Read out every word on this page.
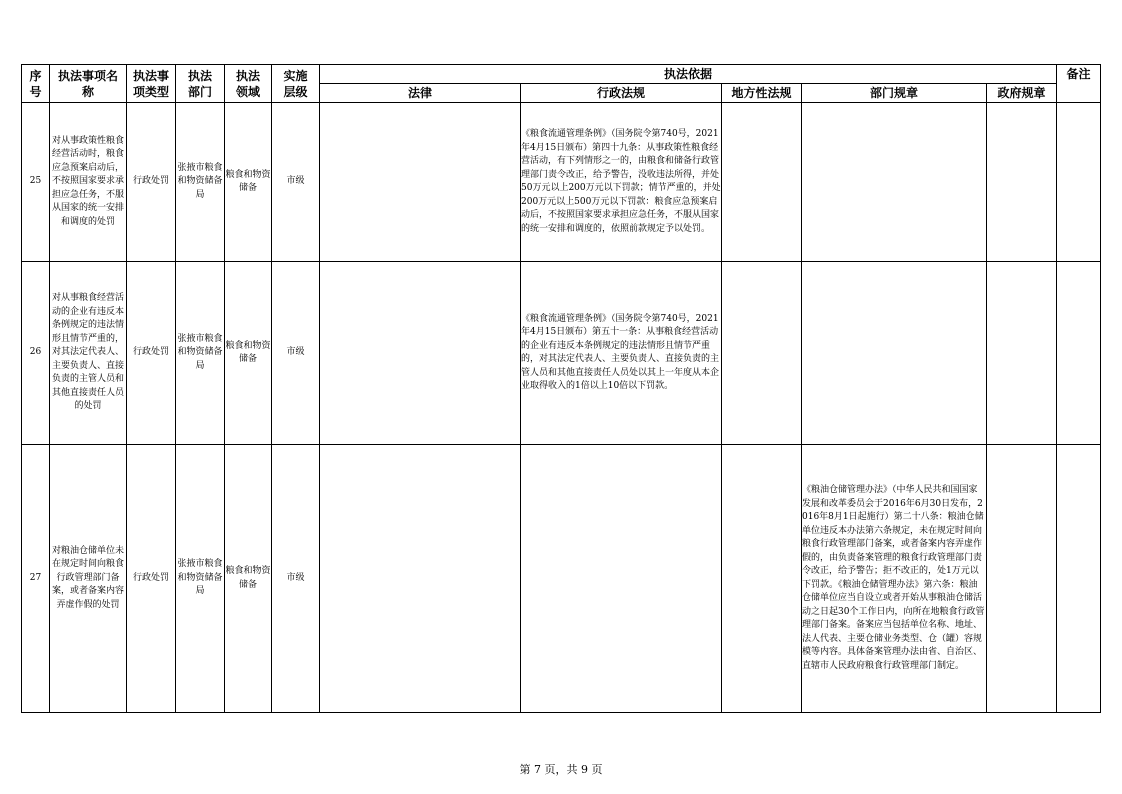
序号	执法事项名称	执法事项类型	执法部门	执法领域	实施层级	执法依据					备注
						法律	行政法规	地方性法规	部门规章	政府规章	
25	对从事政策性粮食经营活动时，粮食应急预案启动后，不按照国家要求承担应急任务，不服从国家的统一安排和调度的处罚	行政处罚	张掖市粮食和物资储备局	粮食和物资储备	市级		《粮食流通管理条例》（国务院令第740号，2021年4月15日颁布）第四十九条：从事政策性粮食经营活动，有下列情形之一的，由粮食和储备行政管理部门责令改正，给予警告，没收违法所得，并处50万元以上200万元以下罚款；情节严重的，并处200万元以上500万元以下罚款：粮食应急预案启动后，不按照国家要求承担应急任务，不服从国家的统一安排和调度的，依照前款规定予以处罚。				
26	对从事粮食经营活动的企业有违反本条例规定的违法情形且情节严重的，对其法定代表人、主要负责人、直接负责的主管人员和其他直接责任人员的处罚	行政处罚	张掖市粮食和物资储备局	粮食和物资储备	市级		《粮食流通管理条例》（国务院令第740号，2021年4月15日颁布）第五十一条：从事粮食经营活动的企业有违反本条例规定的违法情形且情节严重的，对其法定代表人、主要负责人、直接负责的主管人员和其他直接责任人员处以其上一年度从本企业取得收入的1倍以上10倍以下罚款。				
27	对粮油仓储单位未在规定时间向粮食行政管理部门备案，或者备案内容弄虚作假的处罚	行政处罚	张掖市粮食和物资储备局	粮食和物资储备	市级				《粮油仓储管理办法》（中华人民共和国国家发展和改革委员会于2016年6月30日发布，2016年8月1日起施行）第二十八条：粮油仓储单位违反本办法第六条规定，未在规定时间向粮食行政管理部门备案，或者备案内容弄虚作假的，由负责备案管理的粮食行政管理部门责令改正，给予警告；拒不改正的，处1万元以下罚款。《粮油仓储管理办法》第六条：粮油仓储单位应当自设立或者开始从事粮油仓储活动之日起30个工作日内，向所在地粮食行政管理部门备案。备案应当包括单位名称、地址、法人代表、主要仓储业务类型、仓（罐）容规模等内容。具体备案管理办法由省、自治区、直辖市人民政府粮食行政管理部门制定。		
第 7 页，共 9 页
